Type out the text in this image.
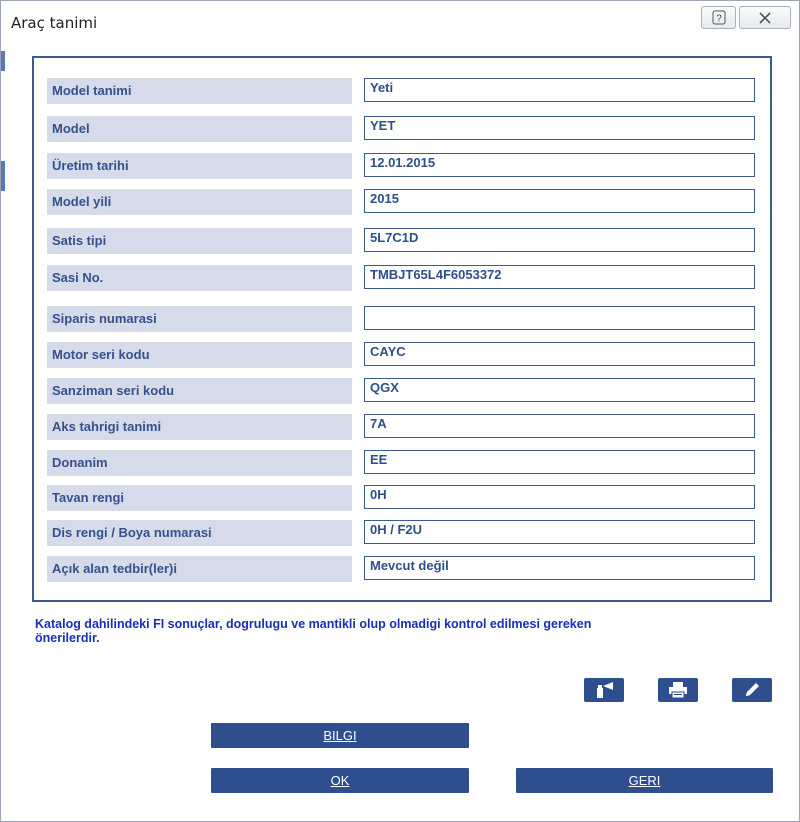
Araç tanimi	?
Model tanimi	Yeti
Model	YET
Üretim tarihi	12.01.2015
Model yili	2015
Satis tipi	5L7C1D
Sasi No.	TMBJT65L4F6053372
Siparis numarasi
Motor seri kodu	CAYC
Sanziman seri kodu	QGX
Aks tahrigi tanimi	7A
Donanim	EE
Tavan rengi	0H
Dis rengi / Boya numarasi	0H / F2U
Açık alan tedbir(ler)i	Mevcut değil
Katalog dahilindeki FI sonuçlar, dogrulugu ve mantikli olup olmadigi kontrol edilmesi gereken önerilerdir.
BILGI
OK	GERI
